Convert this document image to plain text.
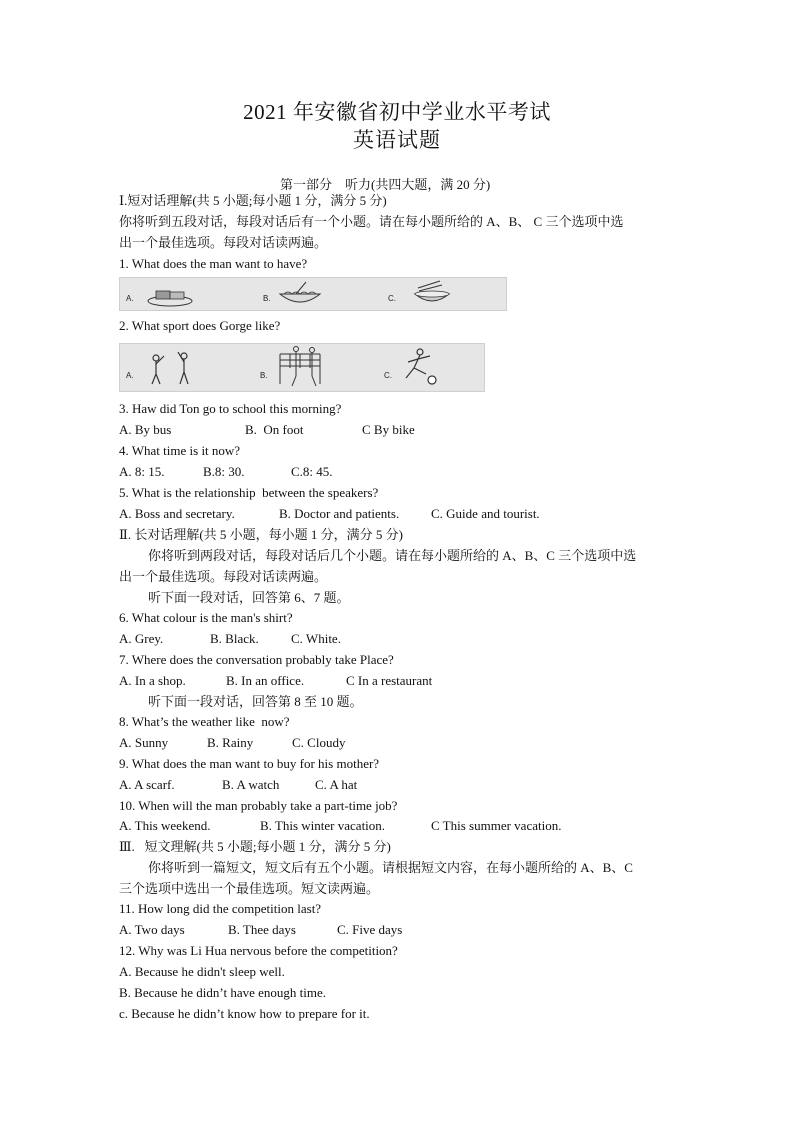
2021 年安徽省初中学业水平考试
英语试题
第一部分    听力(共四大题，满 20 分)
Ⅰ.短对话理解(共 5 小题;每小题 1 分，满分 5 分)
你将听到五段对话，每段对话后有一个小题。请在每小题所给的 A、B、 C 三个选项中选
出一个最佳选项。每段对话读两遍。
1. What does the man want to have?
A.	B.	C.
2. What sport does Gorge like?
A.	B.	C.
3. Haw did Ton go to school this morning?
A. By bus	B.  On foot	C By bike
4. What time is it now?
A. 8: 15.	B.8: 30.	C.8: 45.
5. What is the relationship  between the speakers?
A. Boss and secretary.	B. Doctor and patients. C. Guide and tourist.
Ⅱ. 长对话理解(共 5 小题，每小题 1 分，满分 5 分)
你将听到两段对话，每段对话后几个小题。请在每小题所给的 A、B、C 三个选项中选
出一个最佳选项。每段对话读两遍。
听下面一段对话，回答第 6、7 题。
6. What colour is the man's shirt?
A. Grey.	B. Black. C. White.
7. Where does the conversation probably take Place?
A. In a shop.	B. In an office.	C In a restaurant
听下面一段对话，回答第 8 至 10 题。
8. What’s the weather like  now?
A. Sunny	B. Rainy	C. Cloudy
9. What does the man want to buy for his mother?
A. A scarf.	B. A watch	C. A hat
10. When will the man probably take a part-time job?
A. This weekend.	B. This winter vacation.	C This summer vacation.
Ⅲ.   短文理解(共 5 小题;每小题 1 分，满分 5 分)
你将听到一篇短文，短文后有五个小题。请根据短文内容，在每小题所给的 A、B、C
三个选项中选出一个最佳选项。短文读两遍。
11. How long did the competition last?
A. Two days	B. Thee days	C. Five days
12. Why was Li Hua nervous before the competition?
A. Because he didn't sleep well.
B. Because he didn’t have enough time.
c. Because he didn’t know how to prepare for it.
